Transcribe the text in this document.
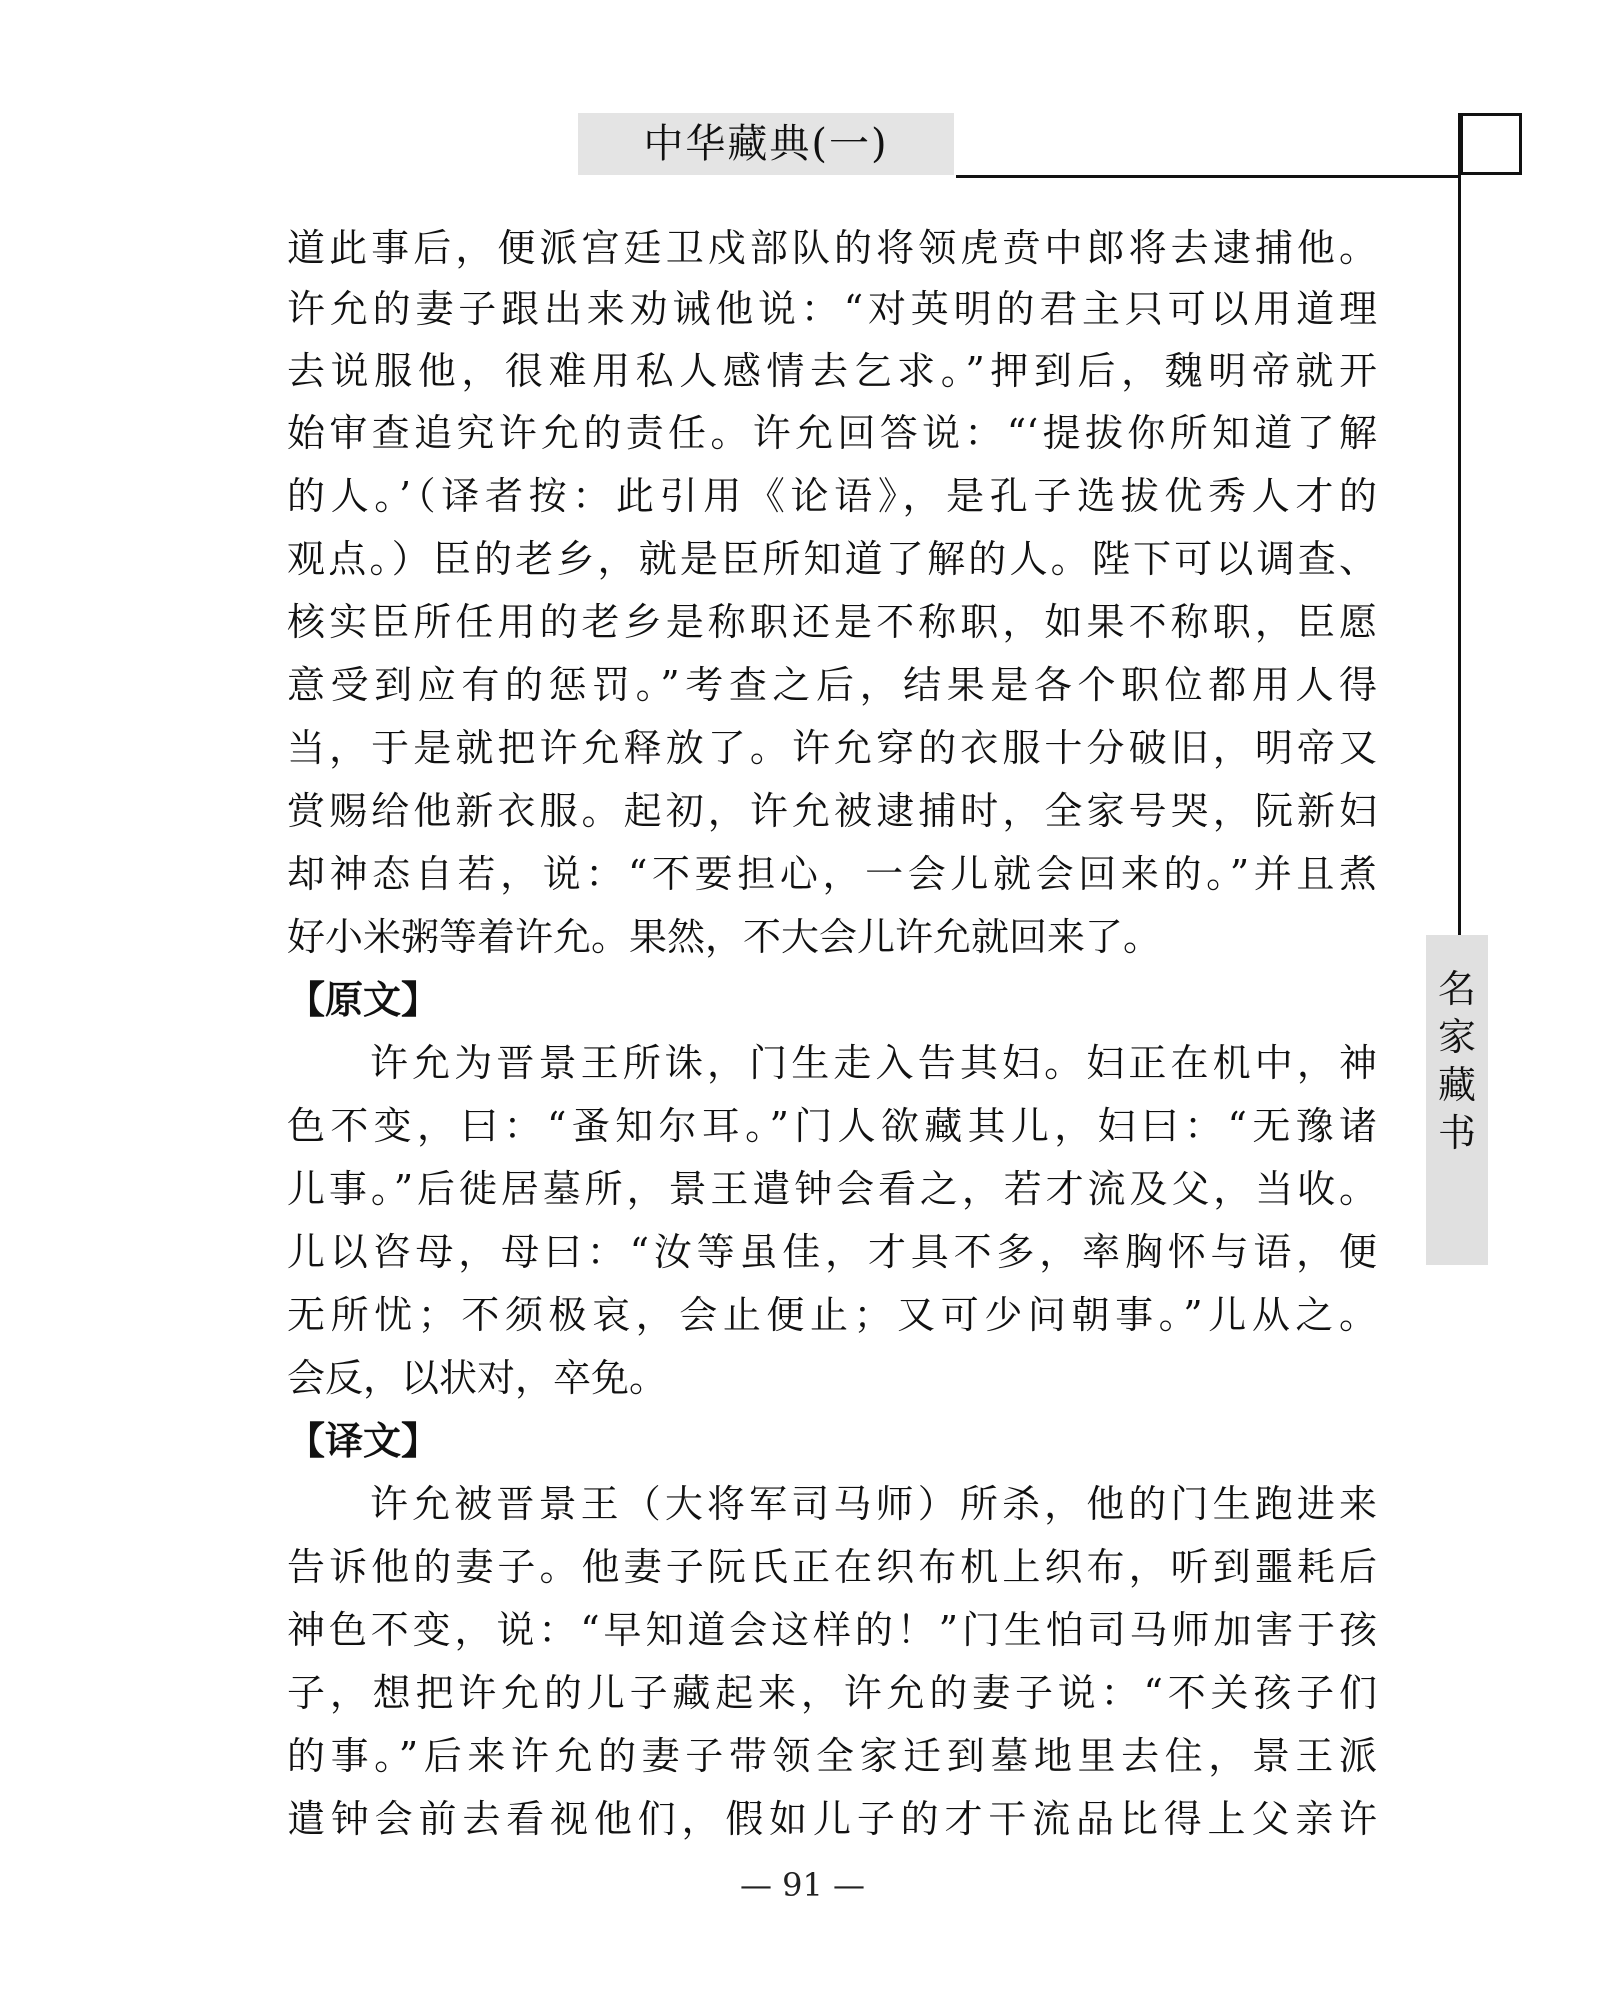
中华藏典(一)
名
家
藏
书
道此事后，便派宫廷卫戍部队的将领虎贲中郎将去逮捕他。
许允的妻子跟出来劝诫他说：“对英明的君主只可以用道理
去说服他，很难用私人感情去乞求。”押到后，魏明帝就开
始审查追究许允的责任。许允回答说：“‘提拔你所知道了解
的人。’（译者按：此引用《论语》，是孔子选拔优秀人才的
观点。）臣的老乡，就是臣所知道了解的人。陛下可以调查、
核实臣所任用的老乡是称职还是不称职，如果不称职，臣愿
意受到应有的惩罚。”考查之后，结果是各个职位都用人得
当，于是就把许允释放了。许允穿的衣服十分破旧，明帝又
赏赐给他新衣服。起初，许允被逮捕时，全家号哭，阮新妇
却神态自若，说：“不要担心，一会儿就会回来的。”并且煮
好小米粥等着许允。果然，不大会儿许允就回来了。
【原文】
许允为晋景王所诛，门生走入告其妇。妇正在机中，神
色不变，曰：“蚤知尔耳。”门人欲藏其儿，妇曰：“无豫诸
儿事。”后徙居墓所，景王遣钟会看之，若才流及父，当收。
儿以咨母，母曰：“汝等虽佳，才具不多，率胸怀与语，便
无所忧；不须极哀，会止便止；又可少问朝事。”儿从之。
会反，以状对，卒免。
【译文】
许允被晋景王（大将军司马师）所杀，他的门生跑进来
告诉他的妻子。他妻子阮氏正在织布机上织布，听到噩耗后
神色不变，说：“早知道会这样的！”门生怕司马师加害于孩
子，想把许允的儿子藏起来，许允的妻子说：“不关孩子们
的事。”后来许允的妻子带领全家迁到墓地里去住，景王派
遣钟会前去看视他们，假如儿子的才干流品比得上父亲许
— 91 —
